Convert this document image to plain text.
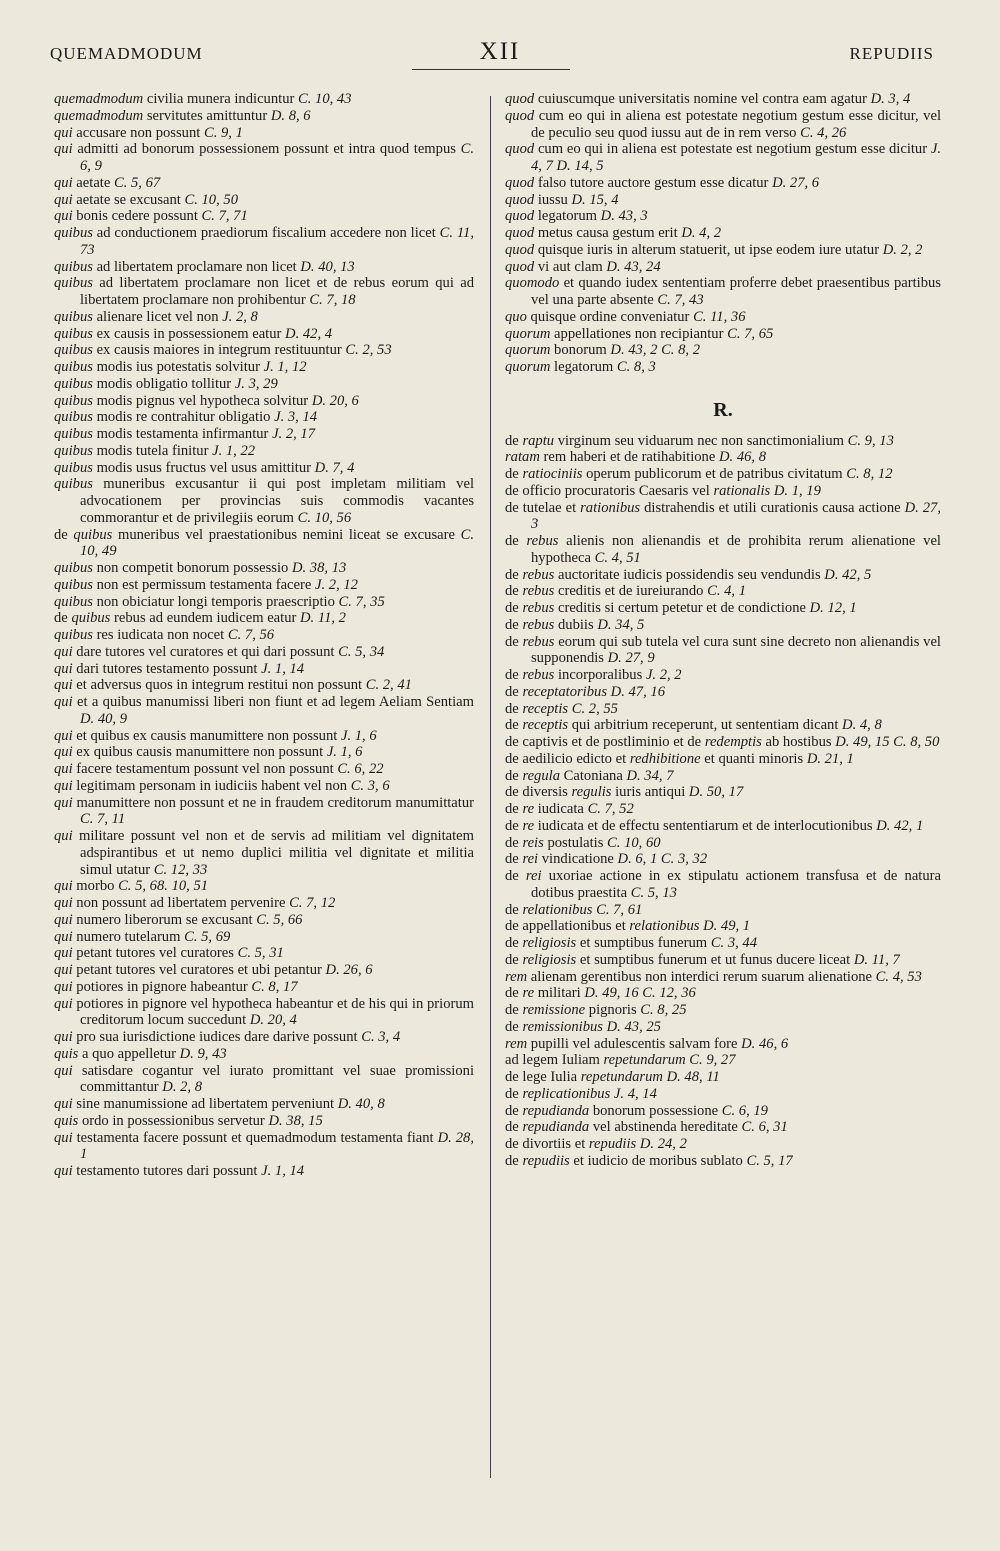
QUEMADMODUM	XII	REPUDIIS
quemadmodum civilia munera indicuntur C. 10, 43
quemadmodum servitutes amittuntur D. 8, 6
qui accusare non possunt C. 9, 1
qui admitti ad bonorum possessionem possunt et intra quod tempus C. 6, 9
qui aetate C. 5, 67
qui aetate se excusant C. 10, 50
qui bonis cedere possunt C. 7, 71
quibus ad conductionem praediorum fiscalium accedere non licet C. 11, 73
quibus ad libertatem proclamare non licet D. 40, 13
quibus ad libertatem proclamare non licet et de rebus eorum qui ad libertatem proclamare non prohibentur C. 7, 18
quibus alienare licet vel non J. 2, 8
quibus ex causis in possessionem eatur D. 42, 4
quibus ex causis maiores in integrum restituuntur C. 2, 53
quibus modis ius potestatis solvitur J. 1, 12
quibus modis obligatio tollitur J. 3, 29
quibus modis pignus vel hypotheca solvitur D. 20, 6
quibus modis re contrahitur obligatio J. 3, 14
quibus modis testamenta infirmantur J. 2, 17
quibus modis tutela finitur J. 1, 22
quibus modis usus fructus vel usus amittitur D. 7, 4
quibus muneribus excusantur ii qui post impletam militiam vel advocationem per provincias suis commodis vacantes commorantur et de privilegiis eorum C. 10, 56
de quibus muneribus vel praestationibus nemini liceat se excusare C. 10, 49
quibus non competit bonorum possessio D. 38, 13
quibus non est permissum testamenta facere J. 2, 12
quibus non obiciatur longi temporis praescriptio C. 7, 35
de quibus rebus ad eundem iudicem eatur D. 11, 2
quibus res iudicata non nocet C. 7, 56
qui dare tutores vel curatores et qui dari possunt C. 5, 34
qui dari tutores testamento possunt J. 1, 14
qui et adversus quos in integrum restitui non possunt C. 2, 41
qui et a quibus manumissi liberi non fiunt et ad legem Aeliam Sentiam D. 40, 9
qui et quibus ex causis manumittere non possunt J. 1, 6
qui ex quibus causis manumittere non possunt J. 1, 6
qui facere testamentum possunt vel non possunt C. 6, 22
qui legitimam personam in iudiciis habent vel non C. 3, 6
qui manumittere non possunt et ne in fraudem creditorum manumittatur C. 7, 11
qui militare possunt vel non et de servis ad militiam vel dignitatem adspirantibus et ut nemo duplici militia vel dignitate et militia simul utatur C. 12, 33
qui morbo C. 5, 68. 10, 51
qui non possunt ad libertatem pervenire C. 7, 12
qui numero liberorum se excusant C. 5, 66
qui numero tutelarum C. 5, 69
qui petant tutores vel curatores C. 5, 31
qui petant tutores vel curatores et ubi petantur D. 26, 6
qui potiores in pignore habeantur C. 8, 17
qui potiores in pignore vel hypotheca habeantur et de his qui in priorum creditorum locum succedunt D. 20, 4
qui pro sua iurisdictione iudices dare darive possunt C. 3, 4
quis a quo appelletur D. 9, 43
qui satisdare cogantur vel iurato promittant vel suae promissioni committantur D. 2, 8
qui sine manumissione ad libertatem perveniunt D. 40, 8
quis ordo in possessionibus servetur D. 38, 15
qui testamenta facere possunt et quemadmodum testamenta fiant D. 28, 1
qui testamento tutores dari possunt J. 1, 14
quod cuiuscumque universitatis nomine vel contra eam agatur D. 3, 4
quod cum eo qui in aliena est potestate negotium gestum esse dicitur, vel de peculio seu quod iussu aut de in rem verso C. 4, 26
quod cum eo qui in aliena est potestate est negotium gestum esse dicitur J. 4, 7 D. 14, 5
quod falso tutore auctore gestum esse dicatur D. 27, 6
quod iussu D. 15, 4
quod legatorum D. 43, 3
quod metus causa gestum erit D. 4, 2
quod quisque iuris in alterum statuerit, ut ipse eodem iure utatur D. 2, 2
quod vi aut clam D. 43, 24
quomodo et quando iudex sententiam proferre debet praesentibus partibus vel una parte absente C. 7, 43
quo quisque ordine conveniatur C. 11, 36
quorum appellationes non recipiantur C. 7, 65
quorum bonorum D. 43, 2 C. 8, 2
quorum legatorum C. 8, 3
R.
de raptu virginum seu viduarum nec non sanctimonialium C. 9, 13
ratam rem haberi et de ratihabitione D. 46, 8
de ratiociniis operum publicorum et de patribus civitatum C. 8, 12
de officio procuratoris Caesaris vel rationalis D. 1, 19
de tutelae et rationibus distrahendis et utili curationis causa actione D. 27, 3
de rebus alienis non alienandis et de prohibita rerum alienatione vel hypotheca C. 4, 51
de rebus auctoritate iudicis possidendis seu vendundis D. 42, 5
de rebus creditis et de iureiurando C. 4, 1
de rebus creditis si certum petetur et de condictione D. 12, 1
de rebus dubiis D. 34, 5
de rebus eorum qui sub tutela vel cura sunt sine decreto non alienandis vel supponendis D. 27, 9
de rebus incorporalibus J. 2, 2
de receptatoribus D. 47, 16
de receptis C. 2, 55
de receptis qui arbitrium receperunt, ut sententiam dicant D. 4, 8
de captivis et de postliminio et de redemptis ab hostibus D. 49, 15 C. 8, 50
de aedilicio edicto et redhibitione et quanti minoris D. 21, 1
de regula Catoniana D. 34, 7
de diversis regulis iuris antiqui D. 50, 17
de re iudicata C. 7, 52
de re iudicata et de effectu sententiarum et de interlocutionibus D. 42, 1
de reis postulatis C. 10, 60
de rei vindicatione D. 6, 1 C. 3, 32
de rei uxoriae actione in ex stipulatu actionem transfusa et de natura dotibus praestita C. 5, 13
de relationibus C. 7, 61
de appellationibus et relationibus D. 49, 1
de religiosis et sumptibus funerum C. 3, 44
de religiosis et sumptibus funerum et ut funus ducere liceat D. 11, 7
rem alienam gerentibus non interdici rerum suarum alienatione C. 4, 53
de re militari D. 49, 16 C. 12, 36
de remissione pignoris C. 8, 25
de remissionibus D. 43, 25
rem pupilli vel adulescentis salvam fore D. 46, 6
ad legem Iuliam repetundarum C. 9, 27
de lege Iulia repetundarum D. 48, 11
de replicationibus J. 4, 14
de repudianda bonorum possessione C. 6, 19
de repudianda vel abstinenda hereditate C. 6, 31
de divortiis et repudiis D. 24, 2
de repudiis et iudicio de moribus sublato C. 5, 17
